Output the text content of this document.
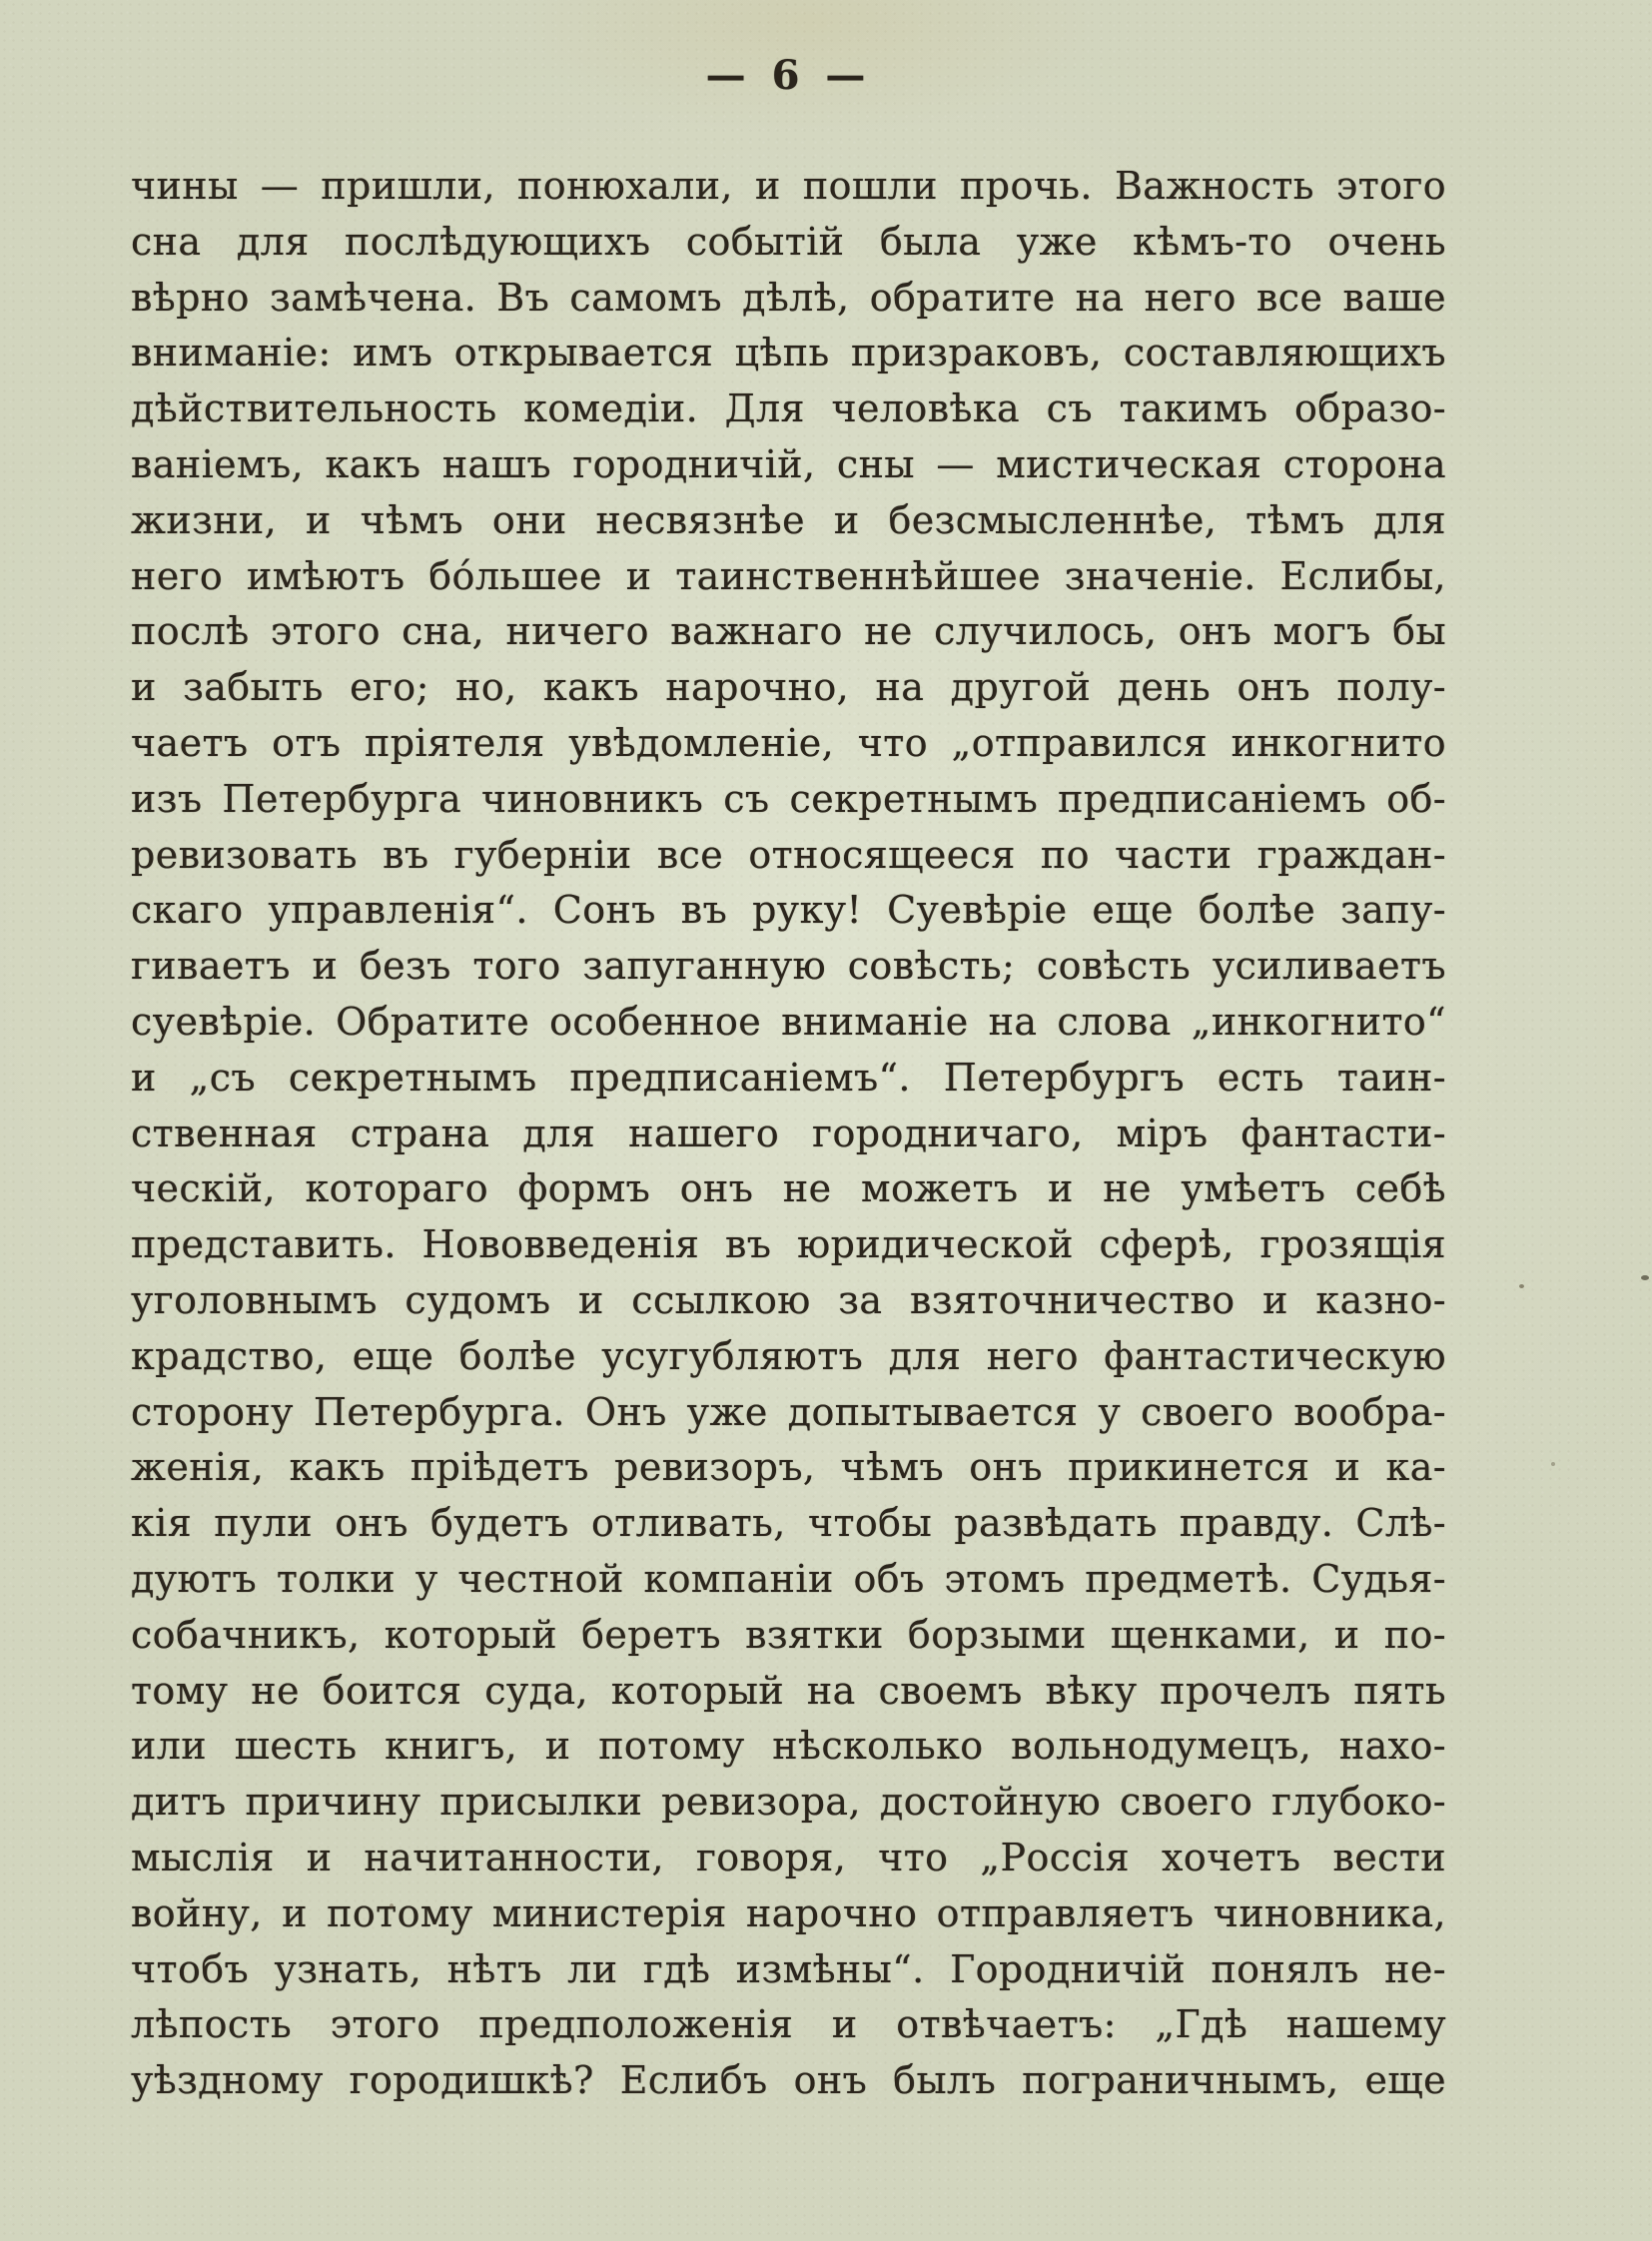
— 6 —
чины — пришли, понюхали, и пошли прочь. Важность этого
сна для послѣдующихъ событій была уже кѣмъ-то очень
вѣрно замѣчена. Въ самомъ дѣлѣ, обратите на него все ваше
вниманіе: имъ открывается цѣпь призраковъ, составляющихъ
дѣйствительность комедіи. Для человѣка съ такимъ образо-
ваніемъ, какъ нашъ городничій, сны — мистическая сторона
жизни, и чѣмъ они несвязнѣе и безсмысленнѣе, тѣмъ для
него имѣютъ бо́льшее и таинственнѣйшее значеніе. Еслибы,
послѣ этого сна, ничего важнаго не случилось, онъ могъ бы
и забыть его; но, какъ нарочно, на другой день онъ полу-
чаетъ отъ пріятеля увѣдомленіе, что „отправился инкогнито
изъ Петербурга чиновникъ съ секретнымъ предписаніемъ об-
ревизовать въ губерніи все относящееся по части граждан-
скаго управленія“. Сонъ въ руку! Суевѣріе еще болѣе запу-
гиваетъ и безъ того запуганную совѣсть; совѣсть усиливаетъ
суевѣріе. Обратите особенное вниманіе на слова „инкогнито“
и „съ секретнымъ предписаніемъ“. Петербургъ есть таин-
ственная страна для нашего городничаго, міръ фантасти-
ческій, котораго формъ онъ не можетъ и не умѣетъ себѣ
представить. Нововведенія въ юридической сферѣ, грозящія
уголовнымъ судомъ и ссылкою за взяточничество и казно-
крадство, еще болѣе усугубляютъ для него фантастическую
сторону Петербурга. Онъ уже допытывается у своего вообра-
женія, какъ пріѣдетъ ревизоръ, чѣмъ онъ прикинется и ка-
кія пули онъ будетъ отливать, чтобы развѣдать правду. Слѣ-
дуютъ толки у честной компаніи объ этомъ предметѣ. Судья-
собачникъ, который беретъ взятки борзыми щенками, и по-
тому не боится суда, который на своемъ вѣку прочелъ пять
или шесть книгъ, и потому нѣсколько вольнодумецъ, нахо-
дитъ причину присылки ревизора, достойную своего глубоко-
мыслія и начитанности, говоря, что „Россія хочетъ вести
войну, и потому министерія нарочно отправляетъ чиновника,
чтобъ узнать, нѣтъ ли гдѣ измѣны“. Городничій понялъ не-
лѣпость этого предположенія и отвѣчаетъ: „Гдѣ нашему
уѣздному городишкѣ? Еслибъ онъ былъ пограничнымъ, еще
